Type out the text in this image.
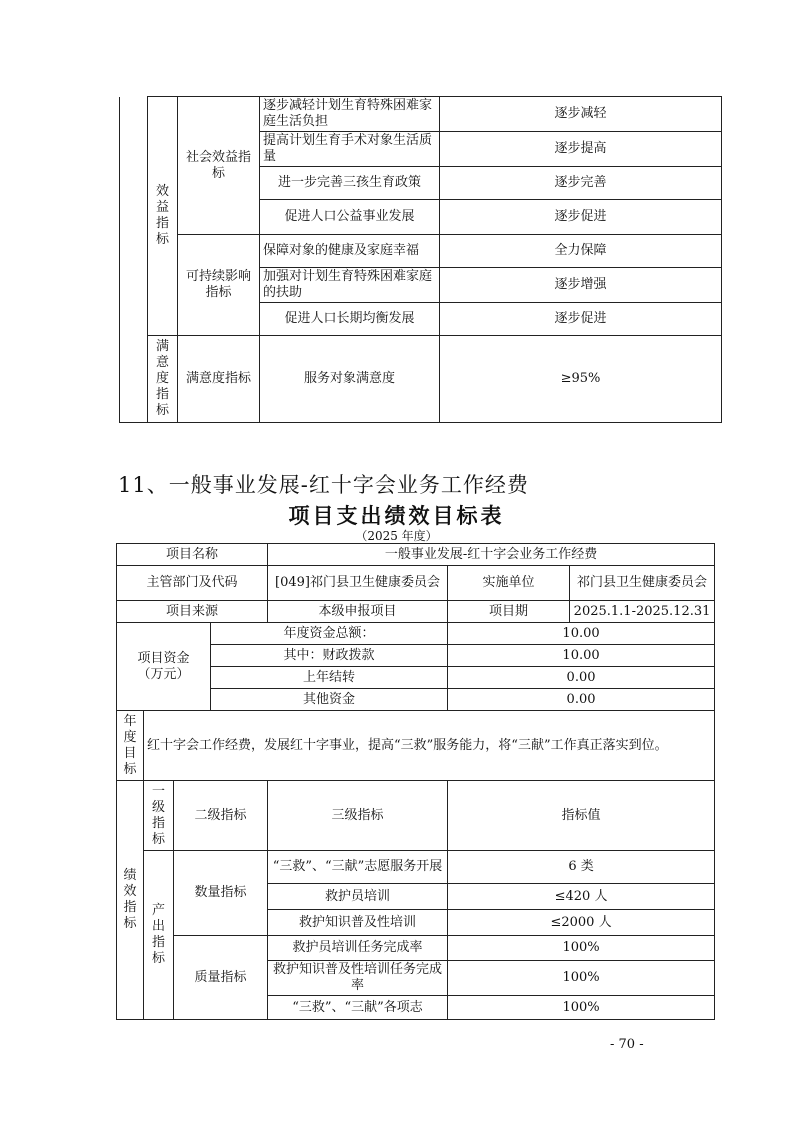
	效益指标	社会效益指标	逐步减轻计划生育特殊困难家庭生活负担	逐步减轻
			提高计划生育手术对象生活质量	逐步提高
			进一步完善三孩生育政策	逐步完善
			促进人口公益事业发展	逐步促进
		可持续影响指标	保障对象的健康及家庭幸福	全力保障
			加强对计划生育特殊困难家庭的扶助	逐步增强
			促进人口长期均衡发展	逐步促进

	满意度指标	满意度指标	服务对象满意度	≥95%
11、一般事业发展-红十字会业务工作经费
项目支出绩效目标表
（2025 年度）
项目名称				一般事业发展-红十字会业务工作经费		
主管部门及代码				[049]祁门县卫生健康委员会	实施单位	祁门县卫生健康委员会
项目来源				本级申报项目	项目期	2025.1.1-2025.12.31

项目资金
（万元）			年度资金总额：		10.00	
			其中：财政拨款		10.00	
			上年结转		0.00	
			其他资金		0.00	

年度目标	红十字会工作经费，发展红十字事业，提高“三救”服务能力，将“三献”工作真正落实到位。					

绩效指标	一级指标	二级指标		三级指标	指标值	

	产出指标	数量指标		“三救”、“三献”志愿服务开展	6 类	
				救护员培训	≤420 人	
				救护知识普及性培训	≤2000 人	
		质量指标		救护员培训任务完成率	100%	
				救护知识普及性培训任务完成率	100%	
				“三救”、“三献”各项志	100%	
- 70 -
